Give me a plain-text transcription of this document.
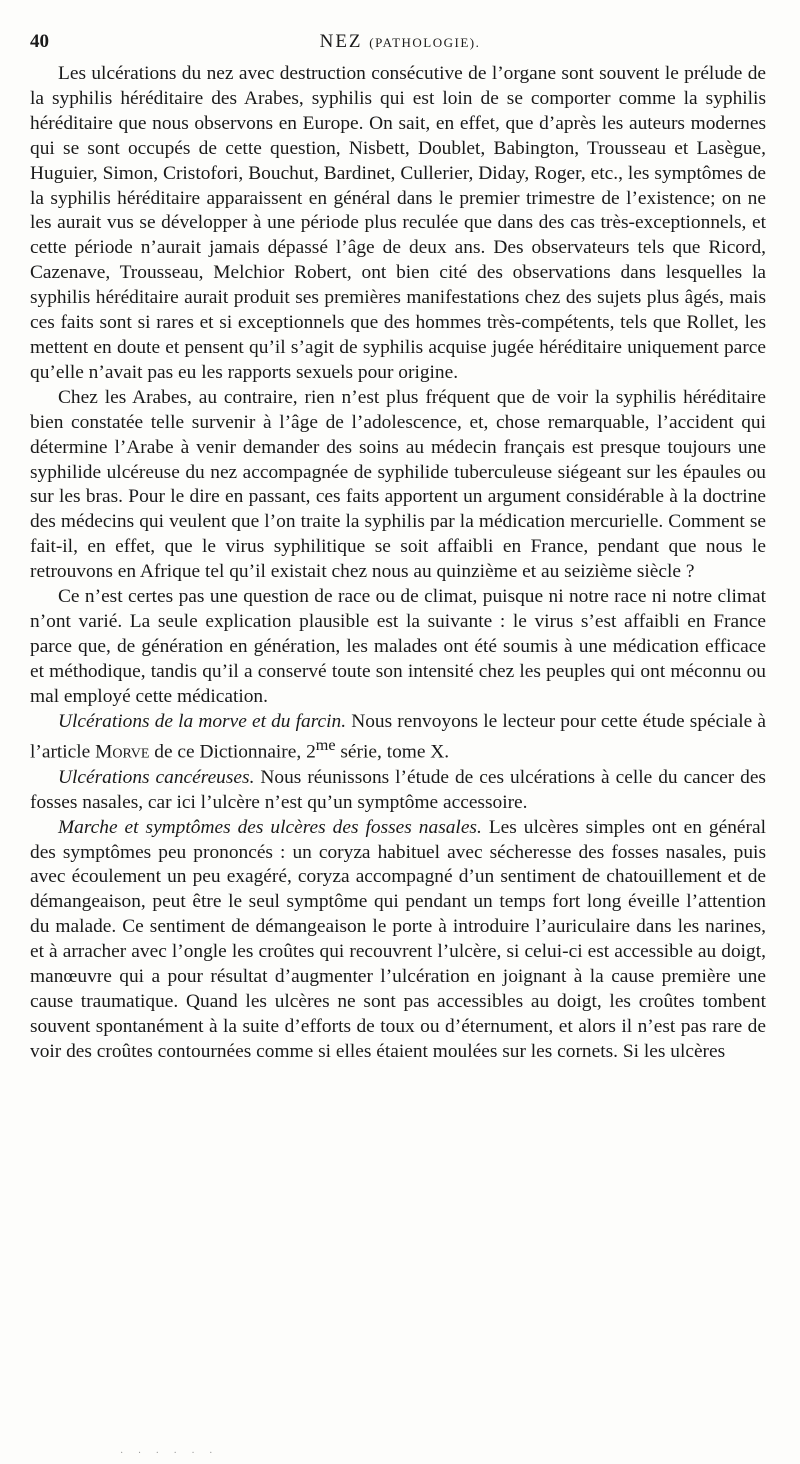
40	NEZ (PATHOLOGIE).

Les ulcérations du nez avec destruction consécutive de l’organe sont souvent le prélude de la syphilis héréditaire des Arabes, syphilis qui est loin de se comporter comme la syphilis héréditaire que nous observons en Europe. On sait, en effet, que d’après les auteurs modernes qui se sont occupés de cette question, Nisbett, Doublet, Babington, Trousseau et Lasègue, Huguier, Simon, Cristofori, Bouchut, Bardinet, Cullerier, Diday, Roger, etc., les symptômes de la syphilis héréditaire apparaissent en général dans le premier trimestre de l’existence; on ne les aurait vus se développer à une période plus reculée que dans des cas très-exceptionnels, et cette période n’aurait jamais dépassé l’âge de deux ans. Des observateurs tels que Ricord, Cazenave, Trousseau, Melchior Robert, ont bien cité des observations dans lesquelles la syphilis héréditaire aurait produit ses premières manifestations chez des sujets plus âgés, mais ces faits sont si rares et si exceptionnels que des hommes très-compétents, tels que Rollet, les mettent en doute et pensent qu’il s’agit de syphilis acquise jugée héréditaire uniquement parce qu’elle n’avait pas eu les rapports sexuels pour origine.

Chez les Arabes, au contraire, rien n’est plus fréquent que de voir la syphilis héréditaire bien constatée telle survenir à l’âge de l’adolescence, et, chose remarquable, l’accident qui détermine l’Arabe à venir demander des soins au médecin français est presque toujours une syphilide ulcéreuse du nez accompagnée de syphilide tuberculeuse siégeant sur les épaules ou sur les bras. Pour le dire en passant, ces faits apportent un argument considérable à la doctrine des médecins qui veulent que l’on traite la syphilis par la médication mercurielle. Comment se fait-il, en effet, que le virus syphilitique se soit affaibli en France, pendant que nous le retrouvons en Afrique tel qu’il existait chez nous au quinzième et au seizième siècle ?

Ce n’est certes pas une question de race ou de climat, puisque ni notre race ni notre climat n’ont varié. La seule explication plausible est la suivante : le virus s’est affaibli en France parce que, de génération en génération, les malades ont été soumis à une médication efficace et méthodique, tandis qu’il a conservé toute son intensité chez les peuples qui ont méconnu ou mal employé cette médication.

Ulcérations de la morve et du farcin. Nous renvoyons le lecteur pour cette étude spéciale à l’article Morve de ce Dictionnaire, $2^{me}$ série, tome X.

Ulcérations cancéreuses. Nous réunissons l’étude de ces ulcérations à celle du cancer des fosses nasales, car ici l’ulcère n’est qu’un symptôme accessoire.

Marche et symptômes des ulcères des fosses nasales. Les ulcères simples ont en général des symptômes peu prononcés : un coryza habituel avec sécheresse des fosses nasales, puis avec écoulement un peu exagéré, coryza accompagné d’un sentiment de chatouillement et de démangeaison, peut être le seul symptôme qui pendant un temps fort long éveille l’attention du malade. Ce sentiment de démangeaison le porte à introduire l’auriculaire dans les narines, et à arracher avec l’ongle les croûtes qui recouvrent l’ulcère, si celui-ci est accessible au doigt, manœuvre qui a pour résultat d’augmenter l’ulcération en joignant à la cause première une cause traumatique. Quand les ulcères ne sont pas accessibles au doigt, les croûtes tombent souvent spontanément à la suite d’efforts de toux ou d’éternument, et alors il n’est pas rare de voir des croûtes contournées comme si elles étaient moulées sur les cornets. Si les ulcères

· · · · · ·
